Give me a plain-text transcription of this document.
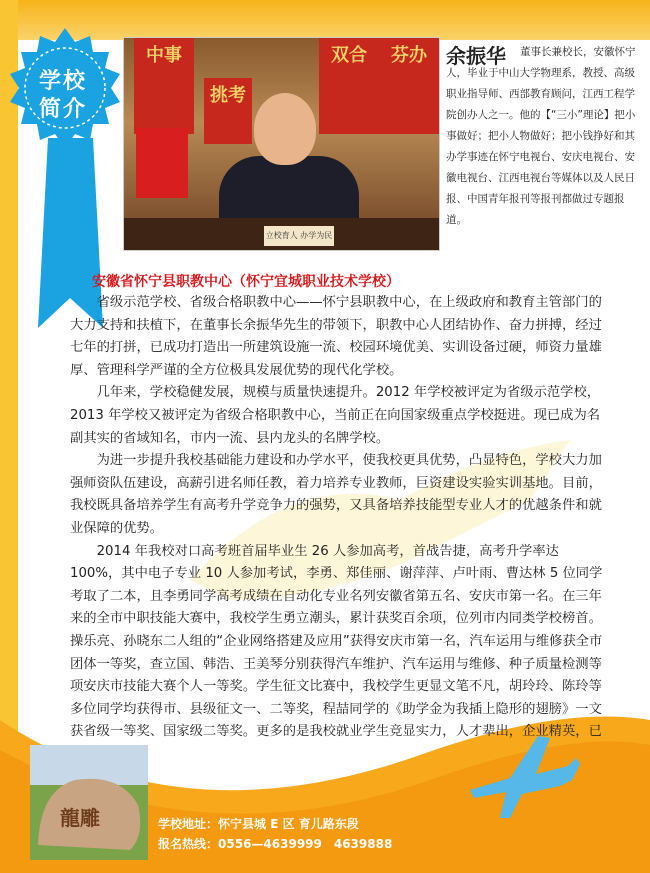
学校简介
中事	双合	芬办
挑考
立校育人 办学为民
余振华	董事长兼校长，安徽怀宁人，毕业于中山大学物理系，教授、高级职业指导师、西部教育顾问，江西工程学院创办人之一。他的【“三小”理论】把小事做好；把小人物做好；把小钱挣好和其办学事迹在怀宁电视台、安庆电视台、安徽电视台、江西电视台等媒体以及人民日报、中国青年报刊等报刊都做过专题报道。

安徽省怀宁县职教中心（怀宁宜城职业技术学校）

省级示范学校、省级合格职教中心——怀宁县职教中心，在上级政府和教育主管部门的大力支持和扶植下，在董事长余振华先生的带领下，职教中心人团结协作、奋力拼搏，经过七年的打拼，已成功打造出一所建筑设施一流、校园环境优美、实训设备过硬，师资力量雄厚、管理科学严谨的全方位极具发展优势的现代化学校。

几年来，学校稳健发展，规模与质量快速提升。2012 年学校被评定为省级示范学校，2013 年学校又被评定为省级合格职教中心，当前正在向国家级重点学校挺进。现已成为名副其实的省域知名，市内一流、县内龙头的名牌学校。

为进一步提升我校基础能力建设和办学水平，使我校更具优势，凸显特色，学校大力加强师资队伍建设，高薪引进名师任教，着力培养专业教师，巨资建设实验实训基地。目前，我校既具备培养学生有高考升学竞争力的强势，又具备培养技能型专业人才的优越条件和就业保障的优势。

2014 年我校对口高考班首届毕业生 26 人参加高考，首战告捷，高考升学率达 100%，其中电子专业 10 人参加考试，李勇、郑佳丽、谢萍萍、卢叶雨、曹达林 5 位同学考取了二本，且李勇同学高考成绩在自动化专业名列安徽省第五名、安庆市第一名。在三年来的全市中职技能大赛中，我校学生勇立潮头，累计获奖百余项，位列市内同类学校榜首。操乐亮、孙晓东二人组的“企业网络搭建及应用”获得安庆市第一名，汽车运用与维修获全市团体一等奖，查立国、韩浩、王美琴分别获得汽车维护、汽车运用与维修、种子质量检测等项安庆市技能大赛个人一等奖。学生征文比赛中，我校学生更显文笔不凡，胡玲玲、陈玲等多位同学均获得市、县级征文一、二等奖，程喆同学的《助学金为我插上隐形的翅膀》一文获省级一等奖、国家级二等奖。更多的是我校就业学生竞显实力，人才辈出，企业精英，已

龍雕	学校地址：怀宁县城 E 区 育儿路东段
报名热线：0556—4639999　4639888
